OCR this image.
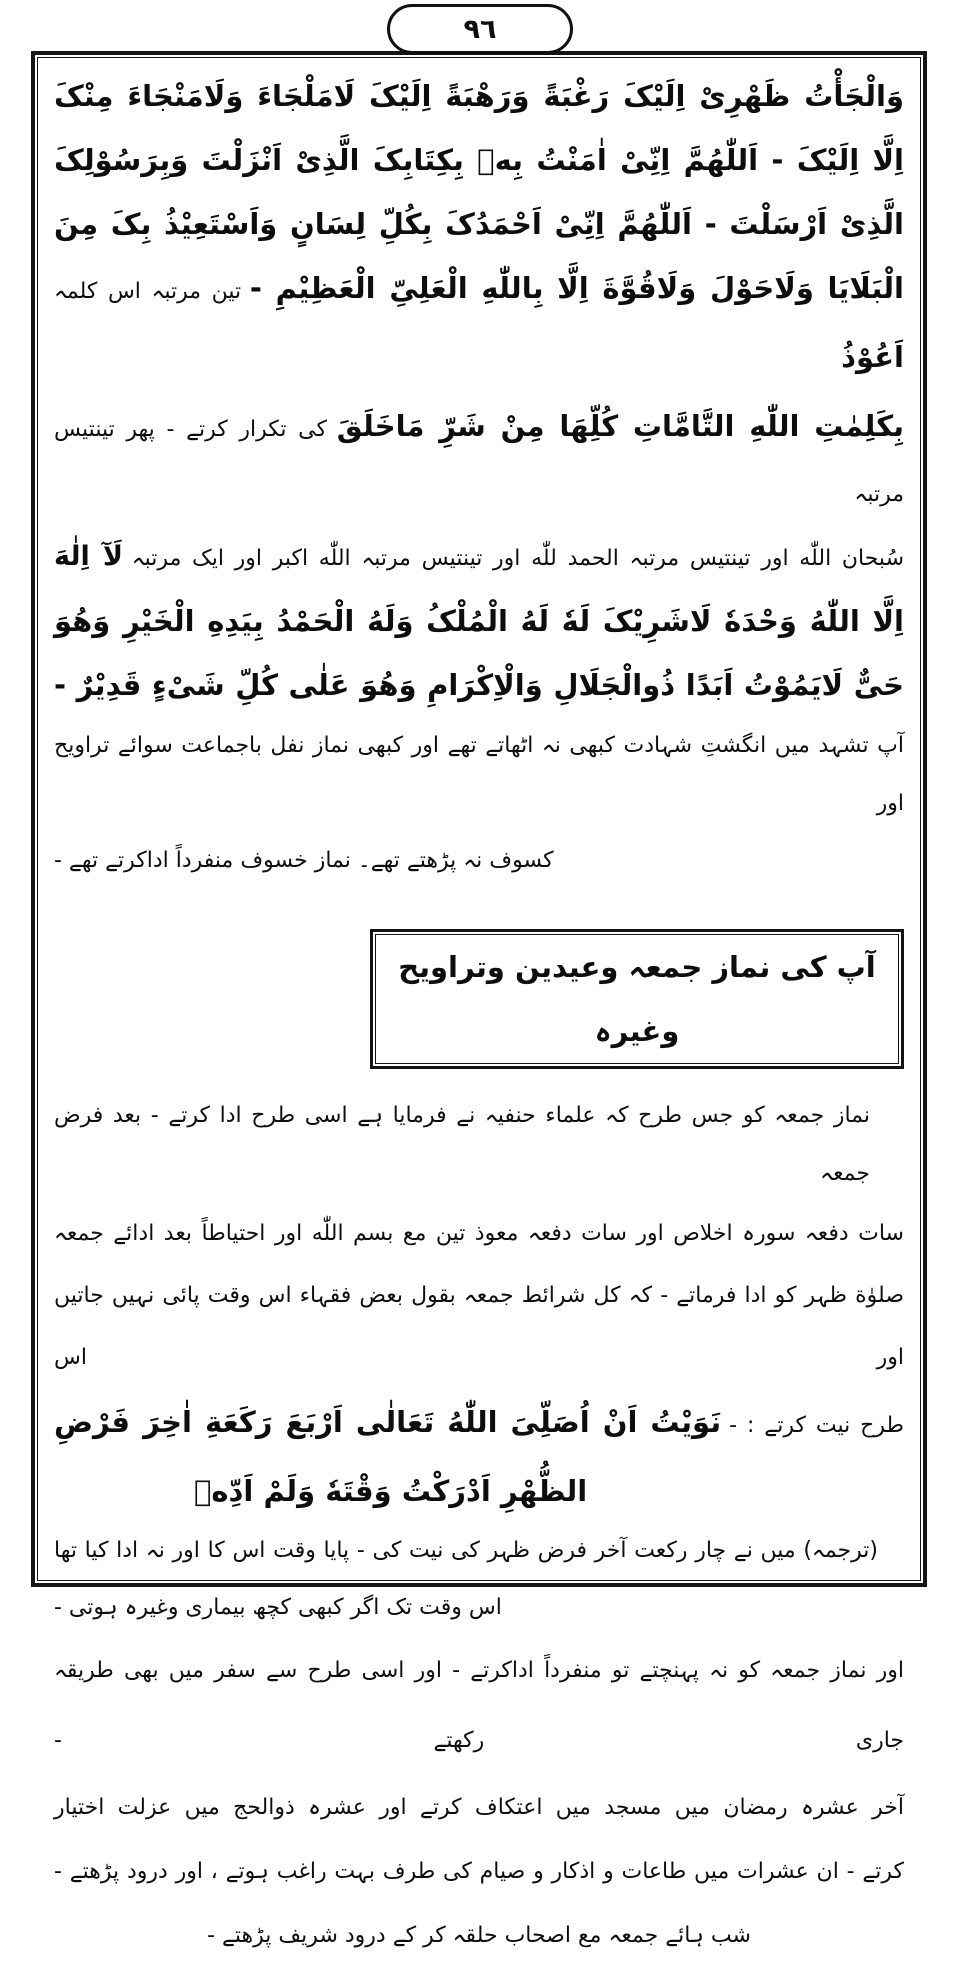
٩٦
وَالْجَأْتُ ظَهْرِیْ اِلَیْکَ رَغْبَةً وَرَهْبَةً اِلَیْکَ لَامَلْجَاءَ وَلَامَنْجَاءَ مِنْکَ
اِلَّا اِلَیْکَ - اَللّٰهُمَّ اِنِّیْ اٰمَنْتُ بِهٖ بِکِتَابِکَ الَّذِیْ اَنْزَلْتَ وَبِرَسُوْلِکَ
الَّذِیْ اَرْسَلْتَ - اَللّٰهُمَّ اِنِّیْ اَحْمَدُکَ بِکُلِّ لِسَانٍ وَاَسْتَعِیْذُ بِکَ مِنَ
الْبَلَایَا وَلَاحَوْلَ وَلَاقُوَّةَ اِلَّا بِاللّٰهِ الْعَلِیِّ الْعَظِیْمِ - تین مرتبہ اس کلمہ اَعُوْذُ
بِکَلِمٰتِ اللّٰهِ التَّامَّاتِ کُلِّهَا مِنْ شَرِّ مَاخَلَقَ کی تکرار کرتے - پھر تینتیس مرتبہ
سُبحان اللّٰه اور تینتیس مرتبہ الحمد للّٰه اور تینتیس مرتبہ اللّٰه اکبر اور ایک مرتبہ لَآ اِلٰهَ
اِلَّا اللّٰهُ وَحْدَهٗ لَاشَرِیْکَ لَهٗ لَهُ الْمُلْکُ وَلَهُ الْحَمْدُ بِیَدِهِ الْخَیْرِ وَهُوَ
حَیٌّ لَایَمُوْتُ اَبَدًا ذُوالْجَلَالِ وَالْاِکْرَامِ وَهُوَ عَلٰی کُلِّ شَیْءٍ قَدِیْرٌ -
آپ تشہد میں انگشتِ شہادت کبھی نہ اٹھاتے تھے اور کبھی نماز نفل باجماعت سوائے تراویح اور
کسوف نہ پڑھتے تھے۔ نماز خسوف منفرداً اداکرتے تھے -
آپ کی نماز جمعہ وعیدین وتراویح وغیرہ
نماز جمعہ کو جس طرح کہ علماء حنفیہ نے فرمایا ہے اسی طرح ادا کرتے - بعد فرض جمعہ
سات دفعہ سورہ اخلاص اور سات دفعہ معوذ تین مع بسم اللّٰه اور احتیاطاً بعد ادائے جمعہ
صلوٰة ظہر کو ادا فرماتے - کہ کل شرائط جمعہ بقول بعض فقہاء اس وقت پائی نہیں جاتیں اور اس
طرح نیت کرتے : - نَوَیْتُ اَنْ اُصَلِّیَ اللّٰهُ تَعَالٰی اَرْبَعَ رَکَعَةِ اٰخِرَ فَرْضِ
الظُّهْرِ اَدْرَکْتُ وَقْتَهٗ وَلَمْ اَدِّهٖ
(ترجمہ) میں نے چار رکعت آخر فرض ظہر کی نیت کی - پایا وقت اس کا اور نہ ادا کیا تھا
اس وقت تک اگر کبھی کچھ بیماری وغیرہ ہوتی -
اور نماز جمعہ کو نہ پہنچتے تو منفرداً اداکرتے - اور اسی طرح سے سفر میں بھی طریقہ جاری رکھتے -
آخر عشرہ رمضان میں مسجد میں اعتکاف کرتے اور عشرہ ذوالحج میں عزلت اختیار
کرتے - ان عشرات میں طاعات و اذکار و صیام کی طرف بہت راغب ہوتے ، اور درود پڑھتے -
شب ہائے جمعہ مع اصحاب حلقہ کر کے درود شریف پڑھتے -
